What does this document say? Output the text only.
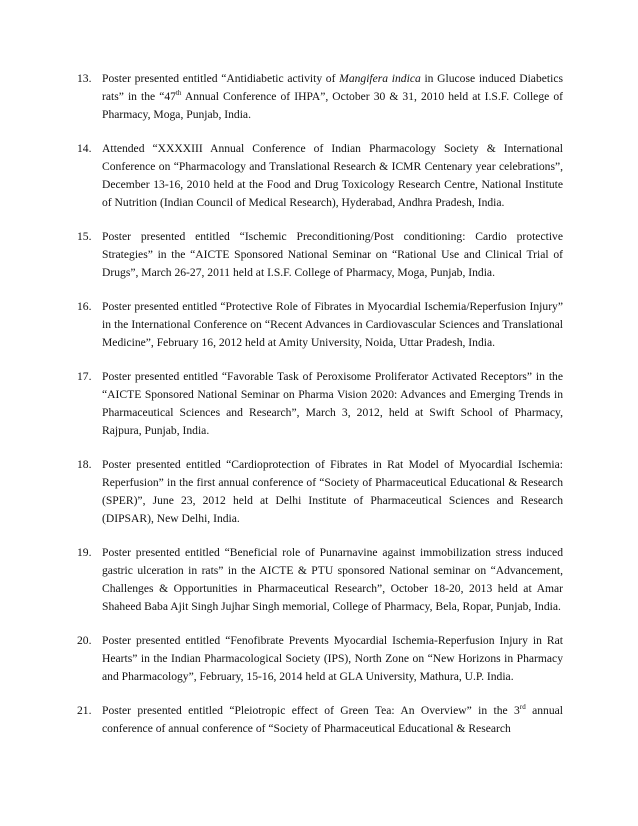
13. Poster presented entitled “Antidiabetic activity of Mangifera indica in Glucose induced Diabetics rats” in the “47th Annual Conference of IHPA”, October 30 & 31, 2010 held at I.S.F. College of Pharmacy, Moga, Punjab, India.
14. Attended “XXXXIII Annual Conference of Indian Pharmacology Society & International Conference on “Pharmacology and Translational Research & ICMR Centenary year celebrations”, December 13-16, 2010 held at the Food and Drug Toxicology Research Centre, National Institute of Nutrition (Indian Council of Medical Research), Hyderabad, Andhra Pradesh, India.
15. Poster presented entitled “Ischemic Preconditioning/Post conditioning: Cardio protective Strategies” in the “AICTE Sponsored National Seminar on “Rational Use and Clinical Trial of Drugs”, March 26-27, 2011 held at I.S.F. College of Pharmacy, Moga, Punjab, India.
16. Poster presented entitled “Protective Role of Fibrates in Myocardial Ischemia/Reperfusion Injury” in the International Conference on “Recent Advances in Cardiovascular Sciences and Translational Medicine”, February 16, 2012 held at Amity University, Noida, Uttar Pradesh, India.
17. Poster presented entitled “Favorable Task of Peroxisome Proliferator Activated Receptors” in the “AICTE Sponsored National Seminar on Pharma Vision 2020: Advances and Emerging Trends in Pharmaceutical Sciences and Research”, March 3, 2012, held at Swift School of Pharmacy, Rajpura, Punjab, India.
18. Poster presented entitled “Cardioprotection of Fibrates in Rat Model of Myocardial Ischemia: Reperfusion” in the first annual conference of “Society of Pharmaceutical Educational & Research (SPER)”, June 23, 2012 held at Delhi Institute of Pharmaceutical Sciences and Research (DIPSAR), New Delhi, India.
19. Poster presented entitled “Beneficial role of Punarnavine against immobilization stress induced gastric ulceration in rats” in the AICTE & PTU sponsored National seminar on “Advancement, Challenges & Opportunities in Pharmaceutical Research”, October 18-20, 2013 held at Amar Shaheed Baba Ajit Singh Jujhar Singh memorial, College of Pharmacy, Bela, Ropar, Punjab, India.
20. Poster presented entitled “Fenofibrate Prevents Myocardial Ischemia-Reperfusion Injury in Rat Hearts” in the Indian Pharmacological Society (IPS), North Zone on “New Horizons in Pharmacy and Pharmacology”, February, 15-16, 2014 held at GLA University, Mathura, U.P. India.
21. Poster presented entitled “Pleiotropic effect of Green Tea: An Overview” in the 3rd annual conference of annual conference of “Society of Pharmaceutical Educational & Research
